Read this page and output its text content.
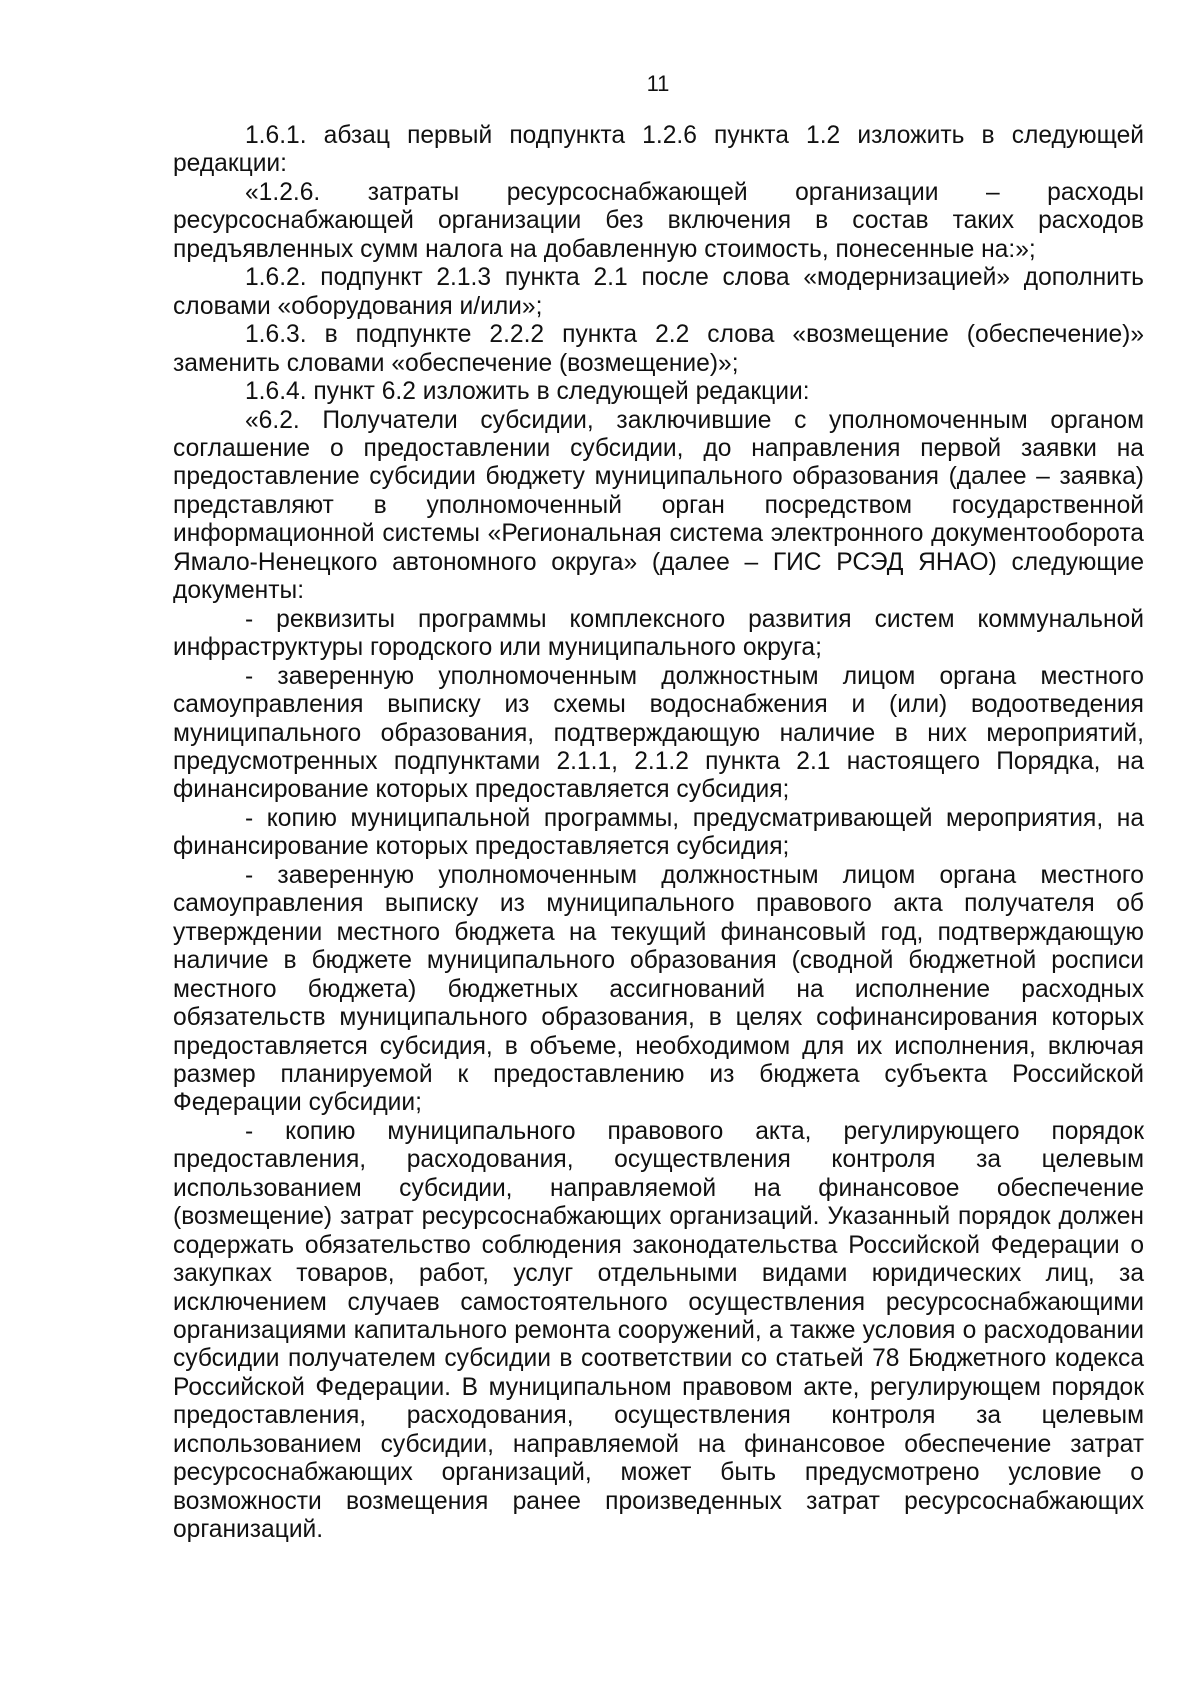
11

1.6.1. абзац первый подпункта 1.2.6 пункта 1.2 изложить в следующей редакции:

«1.2.6. затраты ресурсоснабжающей организации – расходы ресурсоснабжающей организации без включения в состав таких расходов предъявленных сумм налога на добавленную стоимость, понесенные на:»;

1.6.2. подпункт 2.1.3 пункта 2.1 после слова «модернизацией» дополнить словами «оборудования и/или»;

1.6.3. в подпункте 2.2.2 пункта 2.2 слова «возмещение (обеспечение)» заменить словами «обеспечение (возмещение)»;

1.6.4. пункт 6.2 изложить в следующей редакции:

«6.2. Получатели субсидии, заключившие с уполномоченным органом соглашение о предоставлении субсидии, до направления первой заявки на предоставление субсидии бюджету муниципального образования (далее – заявка) представляют в уполномоченный орган посредством государственной информационной системы «Региональная система электронного документооборота Ямало-Ненецкого автономного округа» (далее – ГИС РСЭД ЯНАО) следующие документы:

- реквизиты программы комплексного развития систем коммунальной инфраструктуры городского или муниципального округа;

- заверенную уполномоченным должностным лицом органа местного самоуправления выписку из схемы водоснабжения и (или) водоотведения муниципального образования, подтверждающую наличие в них мероприятий, предусмотренных подпунктами 2.1.1, 2.1.2 пункта 2.1 настоящего Порядка, на финансирование которых предоставляется субсидия;

- копию муниципальной программы, предусматривающей мероприятия, на финансирование которых предоставляется субсидия;

- заверенную уполномоченным должностным лицом органа местного самоуправления выписку из муниципального правового акта получателя об утверждении местного бюджета на текущий финансовый год, подтверждающую наличие в бюджете муниципального образования (сводной бюджетной росписи местного бюджета) бюджетных ассигнований на исполнение расходных обязательств муниципального образования, в целях софинансирования которых предоставляется субсидия, в объеме, необходимом для их исполнения, включая размер планируемой к предоставлению из бюджета субъекта Российской Федерации субсидии;

- копию муниципального правового акта, регулирующего порядок предоставления, расходования, осуществления контроля за целевым использованием субсидии, направляемой на финансовое обеспечение (возмещение) затрат ресурсоснабжающих организаций. Указанный порядок должен содержать обязательство соблюдения законодательства Российской Федерации о закупках товаров, работ, услуг отдельными видами юридических лиц, за исключением случаев самостоятельного осуществления ресурсоснабжающими организациями капитального ремонта сооружений, а также условия о расходовании субсидии получателем субсидии в соответствии со статьей 78 Бюджетного кодекса Российской Федерации. В муниципальном правовом акте, регулирующем порядок предоставления, расходования, осуществления контроля за целевым использованием субсидии, направляемой на финансовое обеспечение затрат ресурсоснабжающих организаций, может быть предусмотрено условие о возможности возмещения ранее произведенных затрат ресурсоснабжающих организаций.
